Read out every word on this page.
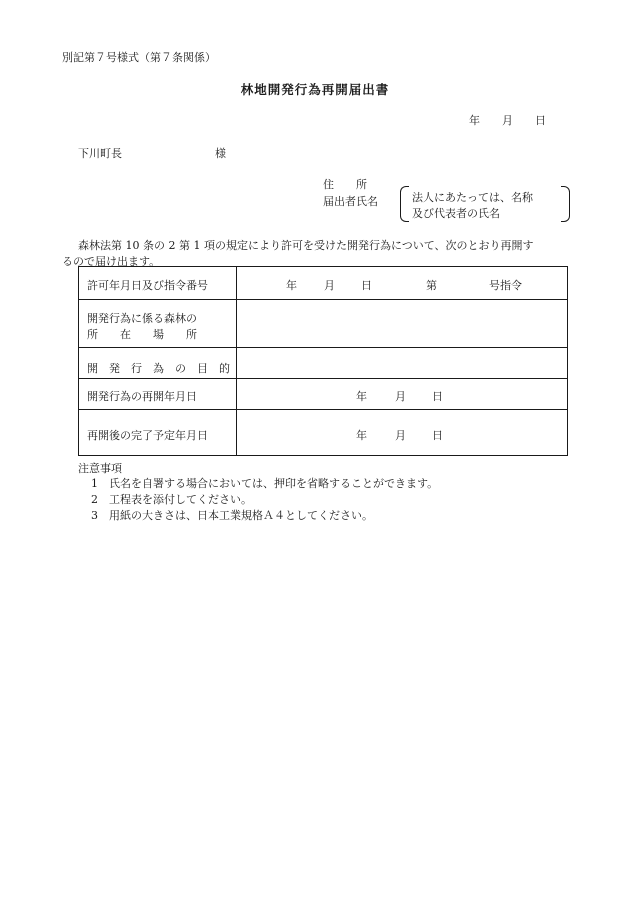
別記第７号様式（第７条関係）
林地開発行為再開届出書
年 月 日
下川町長	様
住　　所
届出者氏名	法人にあたっては、名称
及び代表者の氏名
森林法第 10 条の 2 第 1 項の規定により許可を受けた開発行為について、次のとおり再開す
るので届け出ます。
許可年月日及び指令番号	年 月 日	第	号指令
開発行為に係る森林の
所　　在　　場　　所
開　発　行　為　の　目　的
開発行為の再開年月日	年	月 日
再開後の完了予定年月日	年	月 日
注意事項
1　氏名を自署する場合においては、押印を省略することができます。
2　工程表を添付してください。
3　用紙の大きさは、日本工業規格Ａ４としてください。
